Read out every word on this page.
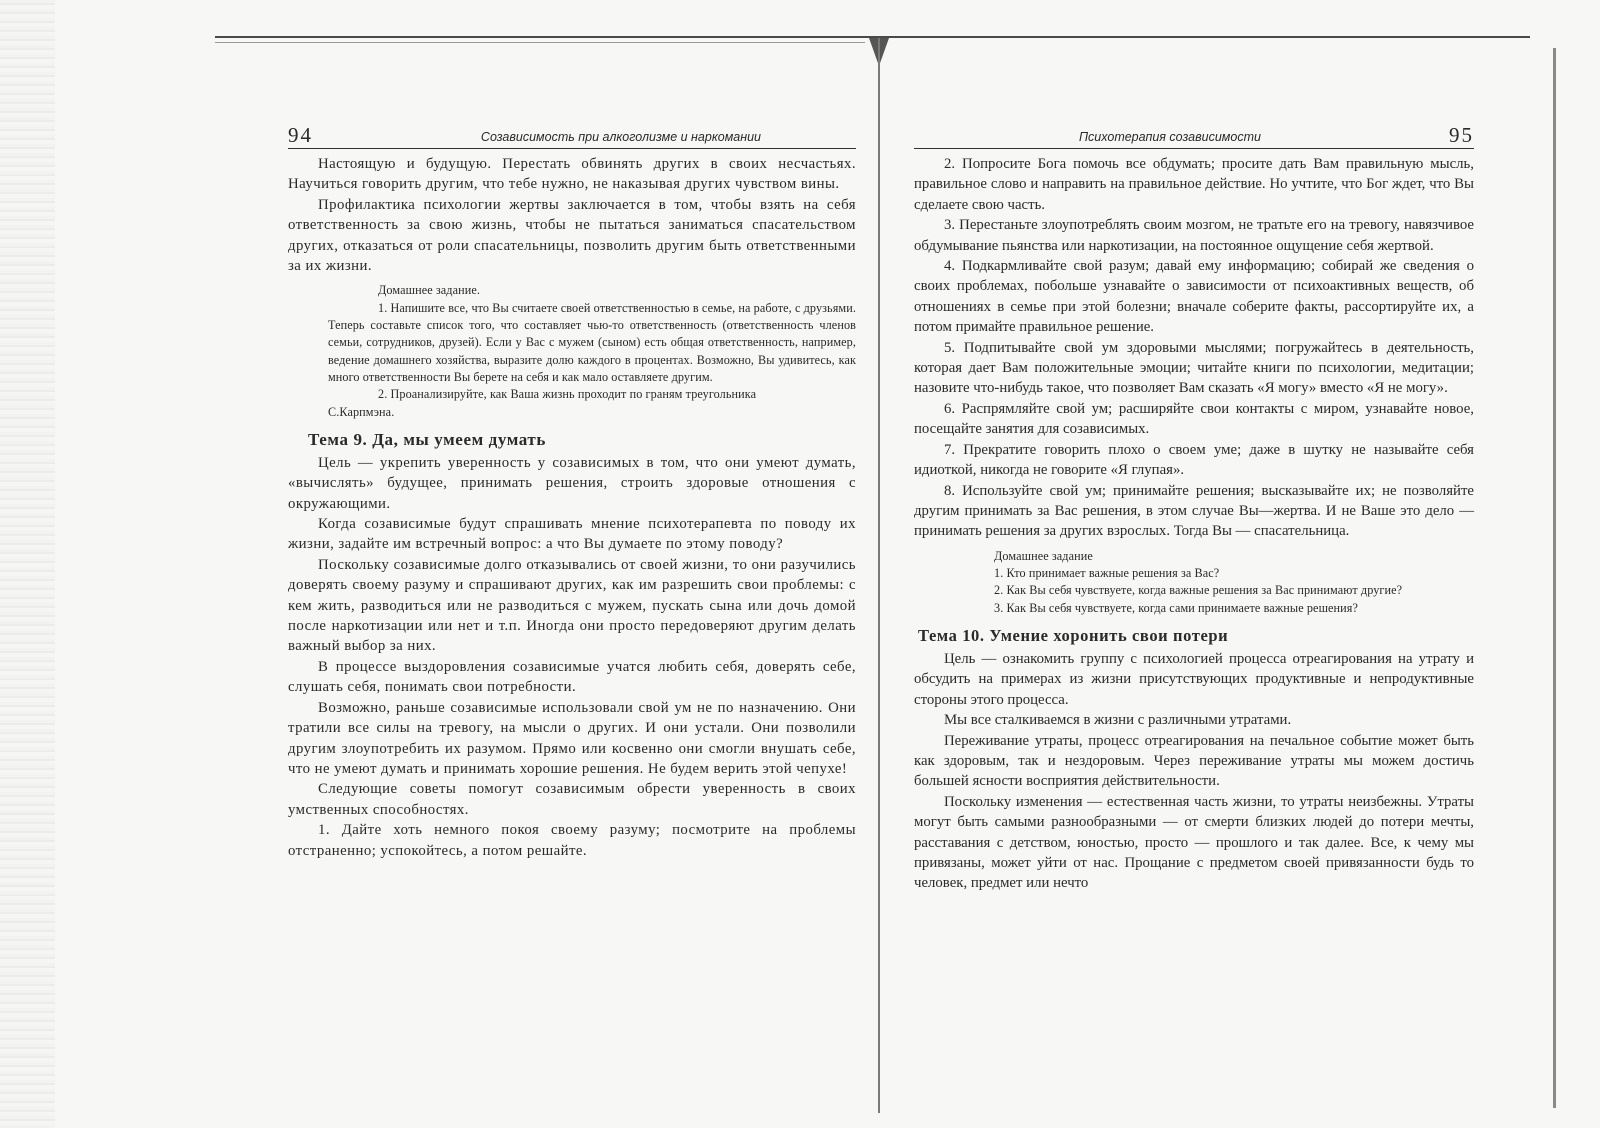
94	Созависимость при алкоголизме и наркомании

Настоящую и будущую. Перестать обвинять других в своих несчастьях. Научиться говорить другим, что тебе нужно, не наказывая других чувством вины.

Профилактика психологии жертвы заключается в том, чтобы взять на себя ответственность за свою жизнь, чтобы не пытаться заниматься спасательством других, отказаться от роли спасательницы, позволить другим быть ответственными за их жизни.

Домашнее задание.

1. Напишите все, что Вы считаете своей ответственностью в семье, на работе, с друзьями. Теперь составьте список того, что составляет чью-то ответственность (ответственность членов семьи, сотрудников, друзей). Если у Вас с мужем (сыном) есть общая ответственность, например, ведение домашнего хозяйства, выразите долю каждого в процентах. Возможно, Вы удивитесь, как много ответственности Вы берете на себя и как мало оставляете другим.

2. Проанализируйте, как Ваша жизнь проходит по граням треугольника

С.Карпмэна.

Тема 9. Да, мы умеем думать

Цель — укрепить уверенность у созависимых в том, что они умеют думать, «вычислять» будущее, принимать решения, строить здоровые отношения с окружающими.

Когда созависимые будут спрашивать мнение психотерапевта по поводу их жизни, задайте им встречный вопрос: а что Вы думаете по этому поводу?

Поскольку созависимые долго отказывались от своей жизни, то они разучились доверять своему разуму и спрашивают других, как им разрешить свои проблемы: с кем жить, разводиться или не разводиться с мужем, пускать сына или дочь домой после наркотизации или нет и т.п. Иногда они просто передоверяют другим делать важный выбор за них.

В процессе выздоровления созависимые учатся любить себя, доверять себе, слушать себя, понимать свои потребности.

Возможно, раньше созависимые использовали свой ум не по назначению. Они тратили все силы на тревогу, на мысли о других. И они устали. Они позволили другим злоупотребить их разумом. Прямо или косвенно они смогли внушать себе, что не умеют думать и принимать хорошие решения. Не будем верить этой чепухе!

Следующие советы помогут созависимым обрести уверенность в своих умственных способностях.

1. Дайте хоть немного покоя своему разуму; посмотрите на проблемы отстраненно; успокойтесь, а потом решайте.

Психотерапия созависимости	95

2. Попросите Бога помочь все обдумать; просите дать Вам правильную мысль, правильное слово и направить на правильное действие. Но учтите, что Бог ждет, что Вы сделаете свою часть.

3. Перестаньте злоупотреблять своим мозгом, не тратьте его на тревогу, навязчивое обдумывание пьянства или наркотизации, на постоянное ощущение себя жертвой.

4. Подкармливайте свой разум; давай ему информацию; собирай же сведения о своих проблемах, побольше узнавайте о зависимости от психоактивных веществ, об отношениях в семье при этой болезни; вначале соберите факты, рассортируйте их, а потом примайте правильное решение.

5. Подпитывайте свой ум здоровыми мыслями; погружайтесь в деятельность, которая дает Вам положительные эмоции; читайте книги по психологии, медитации; назовите что-нибудь такое, что позволяет Вам сказать «Я могу» вместо «Я не могу».

6. Распрямляйте свой ум; расширяйте свои контакты с миром, узнавайте новое, посещайте занятия для созависимых.

7. Прекратите говорить плохо о своем уме; даже в шутку не называйте себя идиоткой, никогда не говорите «Я глупая».

8. Используйте свой ум; принимайте решения; высказывайте их; не позволяйте другим принимать за Вас решения, в этом случае Вы—жертва. И не Ваше это дело — принимать решения за других взрослых. Тогда Вы — спасательница.

Домашнее задание

1. Кто принимает важные решения за Вас?

2. Как Вы себя чувствуете, когда важные решения за Вас принимают другие?

3. Как Вы себя чувствуете, когда сами принимаете важные решения?

Тема 10. Умение хоронить свои потери

Цель — ознакомить группу с психологией процесса отреагирования на утрату и обсудить на примерах из жизни присутствующих продуктивные и непродуктивные стороны этого процесса.

Мы все сталкиваемся в жизни с различными утратами.

Переживание утраты, процесс отреагирования на печальное событие может быть как здоровым, так и нездоровым. Через переживание утраты мы можем достичь большей ясности восприятия действительности.

Поскольку изменения — естественная часть жизни, то утраты неизбежны. Утраты могут быть самыми разнообразными — от смерти близких людей до потери мечты, расставания с детством, юностью, просто — прошлого и так далее. Все, к чему мы привязаны, может уйти от нас. Прощание с предметом своей привязанности будь то человек, предмет или нечто
